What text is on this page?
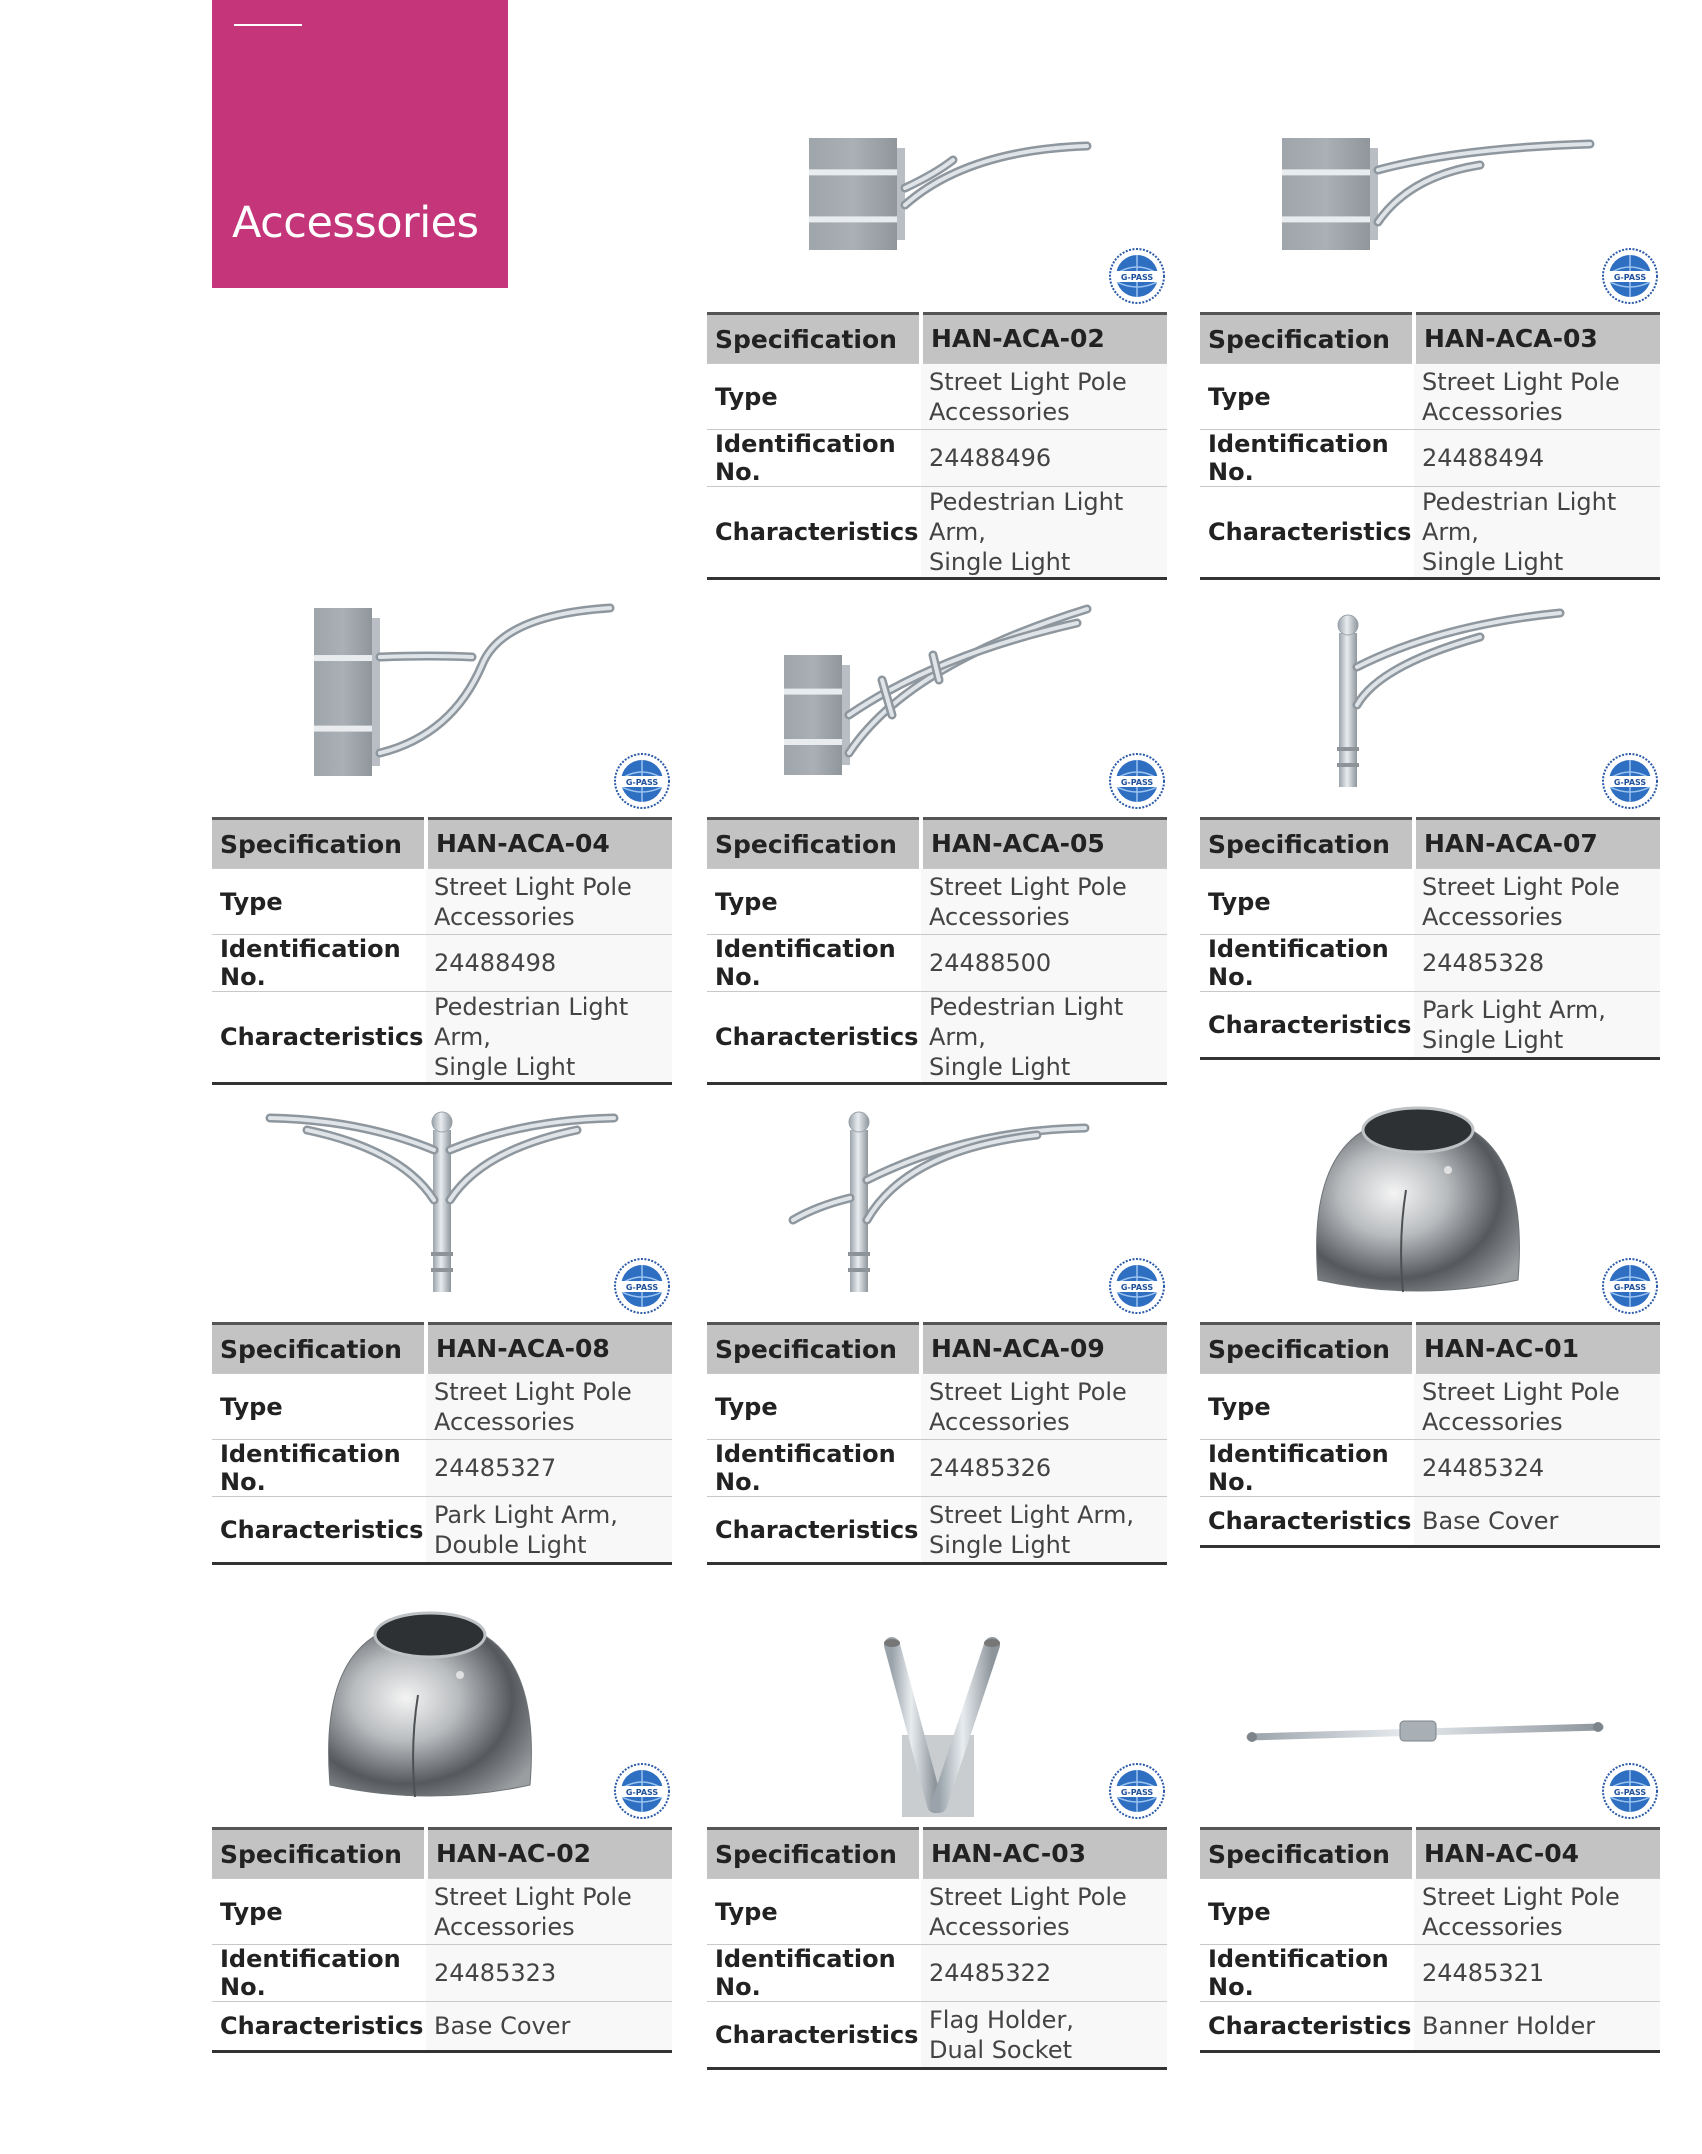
Accessories
G-PASS
Specification	HAN-ACA-02
Type	Street Light Pole
Accessories

Identification No.	24488496
Characteristics	Pedestrian Light Arm,
Single Light
G-PASS
Specification	HAN-ACA-03
Type	Street Light Pole
Accessories

Identification No.	24488494
Characteristics	Pedestrian Light Arm,
Single Light
G-PASS
Specification	HAN-ACA-04
Type	Street Light Pole
Accessories

Identification No.	24488498
Characteristics	Pedestrian Light Arm,
Single Light
G-PASS
Specification	HAN-ACA-05
Type	Street Light Pole
Accessories

Identification No.	24488500
Characteristics	Pedestrian Light Arm,
Single Light
G-PASS
Specification	HAN-ACA-07
Type	Street Light Pole
Accessories

Identification No.	24485328
Characteristics	Park Light Arm,
Single Light
G-PASS
Specification	HAN-ACA-08
Type	Street Light Pole
Accessories

Identification No.	24485327
Characteristics	Park Light Arm,
Double Light
G-PASS
Specification	HAN-ACA-09
Type	Street Light Pole
Accessories

Identification No.	24485326
Characteristics	Street Light Arm,
Single Light
G-PASS
Specification	HAN-AC-01
Type	Street Light Pole
Accessories

Identification No.	24485324
Characteristics	Base Cover
G-PASS
Specification	HAN-AC-02
Type	Street Light Pole
Accessories

Identification No.	24485323
Characteristics	Base Cover
G-PASS
Specification	HAN-AC-03
Type	Street Light Pole
Accessories

Identification No.	24485322
Characteristics	Flag Holder,
Dual Socket
G-PASS
Specification	HAN-AC-04
Type	Street Light Pole
Accessories

Identification No.	24485321
Characteristics	Banner Holder
